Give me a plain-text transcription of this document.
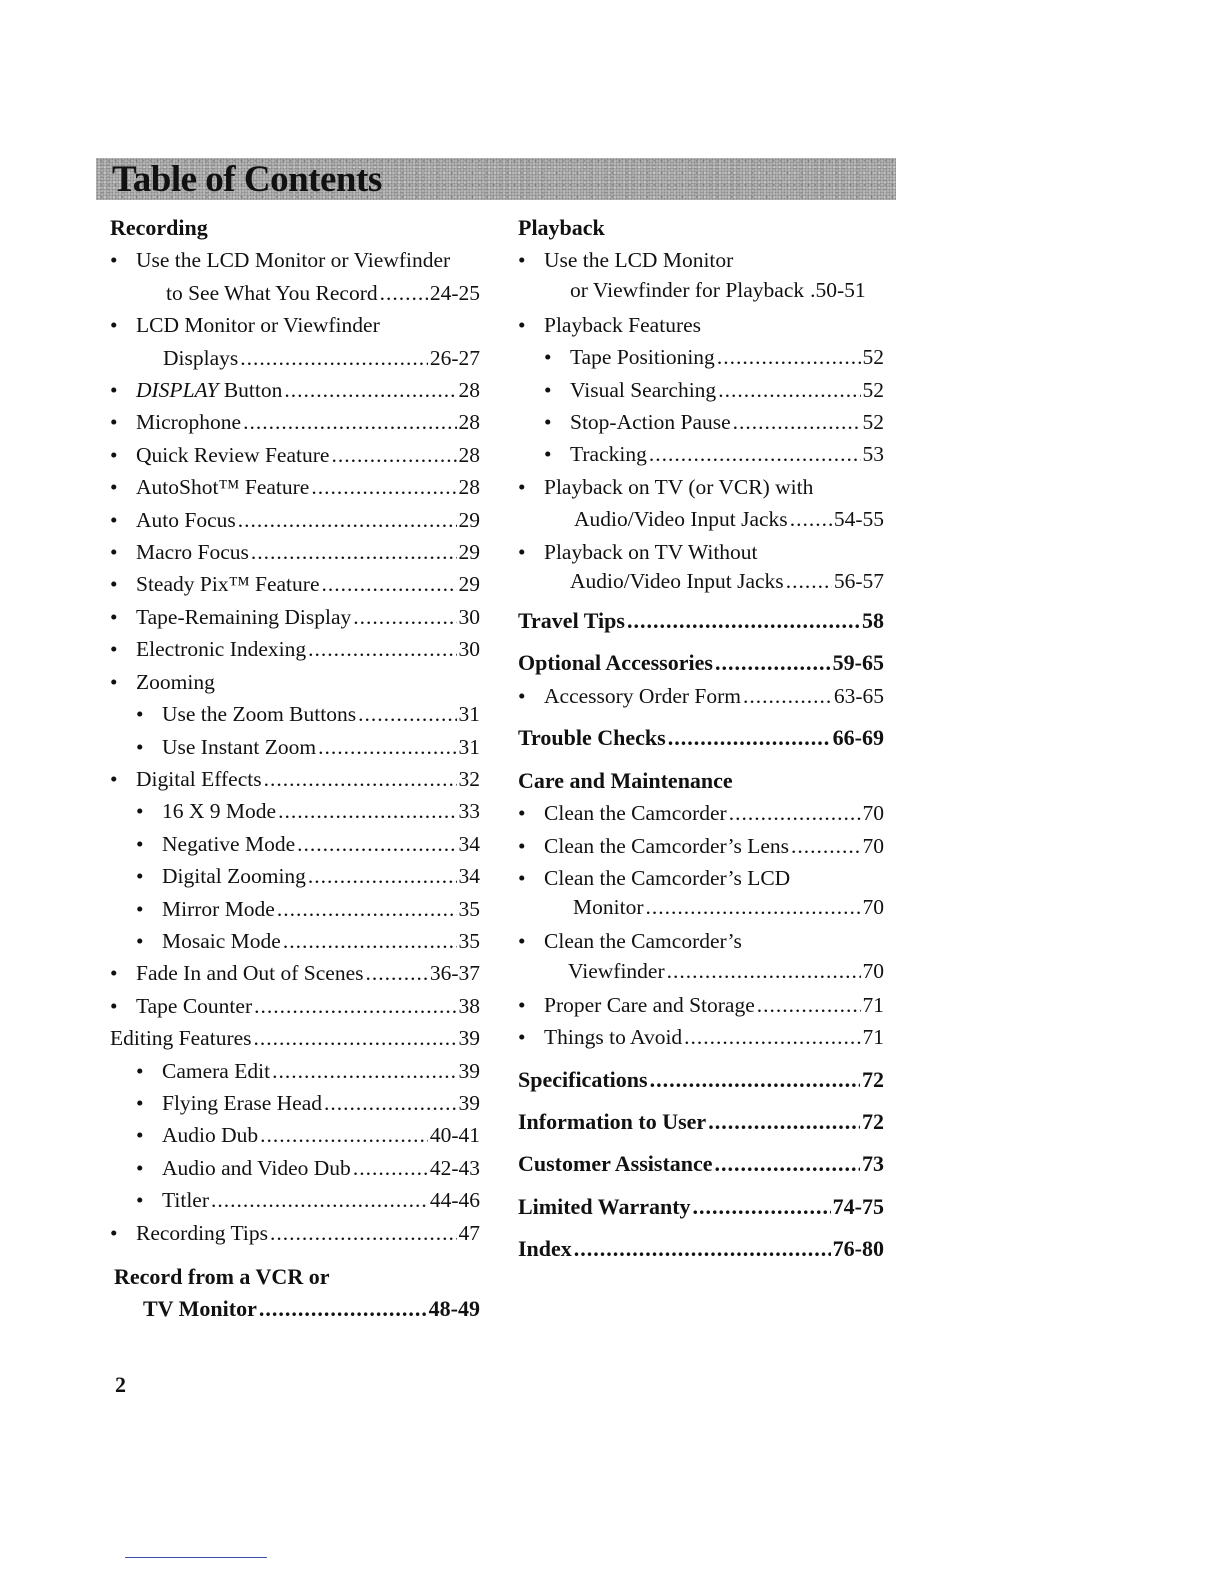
Table of Contents
Recording
• Use the LCD Monitor or Viewfinder
to See What You Record ..... 24-25
• LCD Monitor or Viewfinder
Displays .....	26-27
• DISPLAY Button .....	28
• Microphone .....	28
• Quick Review Feature .....	28
• AutoShot™ Feature .....	28
• Auto Focus .....	29
• Macro Focus .....	29
• Steady Pix™ Feature .....	29
• Tape-Remaining Display .....	30
• Electronic Indexing .....	30
• Zooming
• Use the Zoom Buttons .....	31
• Use Instant Zoom .....	31
• Digital Effects .....	32
• 16 X 9 Mode .....	33
• Negative Mode .....	34
• Digital Zooming .....	34
• Mirror Mode .....	35
• Mosaic Mode .....	35
• Fade In and Out of Scenes .....	36-37
• Tape Counter .....	38
Editing Features .....	39
• Camera Edit .....	39
• Flying Erase Head .....	39
• Audio Dub .....	40-41
• Audio and Video Dub .....	42-43
• Titler .....	44-46
• Recording Tips .....	47
Record from a VCR or
TV Monitor .....	48-49
Playback
• Use the LCD Monitor
or Viewfinder for Playback .50-51
• Playback Features
• Tape Positioning .....	52
• Visual Searching .....	52
• Stop-Action Pause .....	52
• Tracking .....	53
• Playback on TV (or VCR) with
Audio/Video Input Jacks ..... 54-55
• Playback on TV Without
Audio/Video Input Jacks ..... 56-57
Travel Tips .....	58
Optional Accessories .....	59-65
• Accessory Order Form .....	63-65
Trouble Checks .....	66-69
Care and Maintenance
• Clean the Camcorder .....	70
• Clean the Camcorder’s Lens .....	70
• Clean the Camcorder’s LCD
Monitor .....	70
• Clean the Camcorder’s
Viewfinder .....	70
• Proper Care and Storage .....	71
• Things to Avoid .....	71
Specifications .....	72
Information to User .....	72
Customer Assistance .....	73
Limited Warranty .....	74-75
Index .....	76-80
2
